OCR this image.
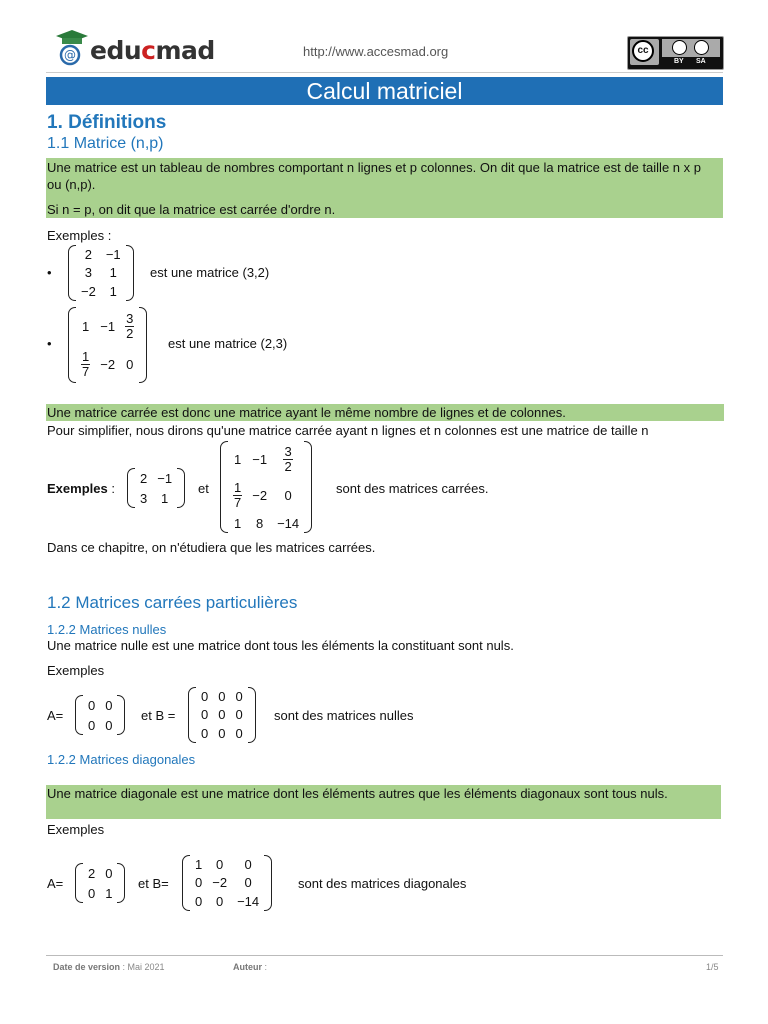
@ educmad	http://www.accesmad.org	cc
BY SA
Calcul matriciel
1. Définitions
1.1 Matrice (n,p)
Une matrice est un tableau de nombres comportant n lignes et p colonnes. On dit que la matrice est de taille n x p ou (n,p).
Si n = p, on dit que la matrice est carrée d'ordre n.
Exemples :
•
2	−1
3	1
−2	1
est une matrice (3,2)
•
1	−1	$\frac{3}{2}$

$\frac{1}{7}$	−2	0
est une matrice (2,3)
Une matrice carrée est donc une matrice ayant le même nombre de lignes et de colonnes.
Pour simplifier, nous dirons qu'une matrice carrée ayant n lignes et n colonnes est une matrice de taille n
Exemples :
2	−1
3	1
et
1	−1	$\frac{3}{2}$

$\frac{1}{7}$	−2	0
1	8	−14
sont des matrices carrées.
Dans ce chapitre, on n'étudiera que les matrices carrées.
1.2 Matrices carrées particulières
1.2.2 Matrices nulles
Une matrice nulle est une matrice dont tous les éléments la constituant sont nuls.
Exemples
A=
0	0
0	0
et B =
0	0	0
0	0	0
0	0	0
sont des matrices nulles
1.2.2 Matrices diagonales
Une matrice diagonale est une matrice dont les éléments autres que les éléments diagonaux sont tous nuls.
Exemples
A=
2	0
0	1
et B=
1	0	0
0	−2	0
0	0	−14
sont des matrices diagonales
Date de version : Mai 2021	Auteur :	1/5
